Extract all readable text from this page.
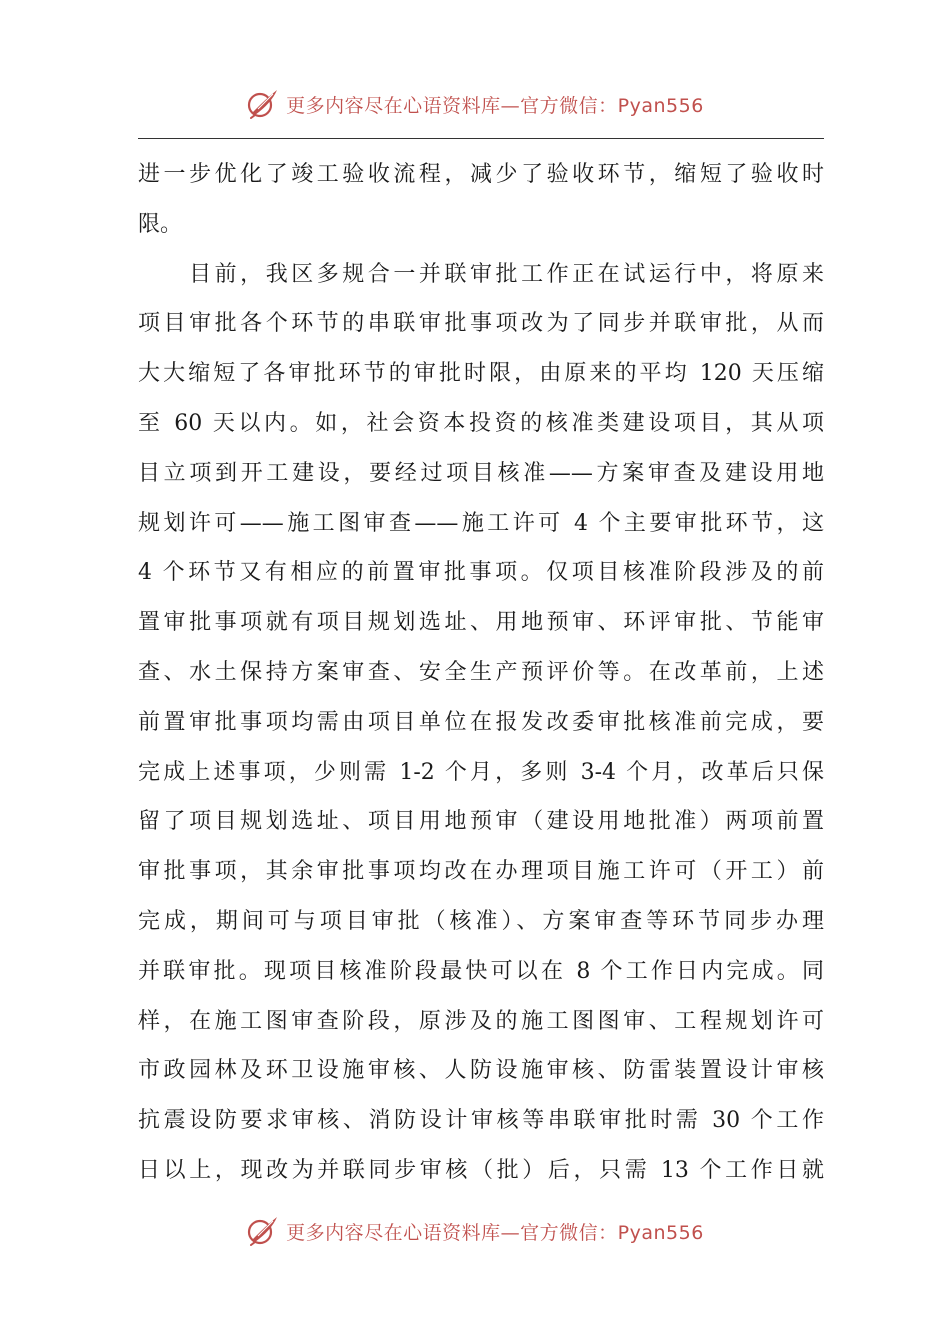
更多内容尽在心语资料库—官方微信：Pyan556
进一步优化了竣工验收流程，减少了验收环节，缩短了验收时
限。
　　目前，我区多规合一并联审批工作正在试运行中，将原来
项目审批各个环节的串联审批事项改为了同步并联审批，从而
大大缩短了各审批环节的审批时限，由原来的平均 120 天压缩
至 60 天以内。如，社会资本投资的核准类建设项目，其从项
目立项到开工建设，要经过项目核准——方案审查及建设用地
规划许可——施工图审查——施工许可 4 个主要审批环节，这
4 个环节又有相应的前置审批事项。仅项目核准阶段涉及的前
置审批事项就有项目规划选址、用地预审、环评审批、节能审
查、水土保持方案审查、安全生产预评价等。在改革前，上述
前置审批事项均需由项目单位在报发改委审批核准前完成，要
完成上述事项，少则需 1-2 个月，多则 3-4 个月，改革后只保
留了项目规划选址、项目用地预审（建设用地批准）两项前置
审批事项，其余审批事项均改在办理项目施工许可（开工）前
完成，期间可与项目审批（核准）、方案审查等环节同步办理
并联审批。现项目核准阶段最快可以在 8 个工作日内完成。同
样，在施工图审查阶段，原涉及的施工图图审、工程规划许可
市政园林及环卫设施审核、人防设施审核、防雷装置设计审核
抗震设防要求审核、消防设计审核等串联审批时需 30 个工作
日以上，现改为并联同步审核（批）后，只需 13 个工作日就
更多内容尽在心语资料库—官方微信：Pyan556
